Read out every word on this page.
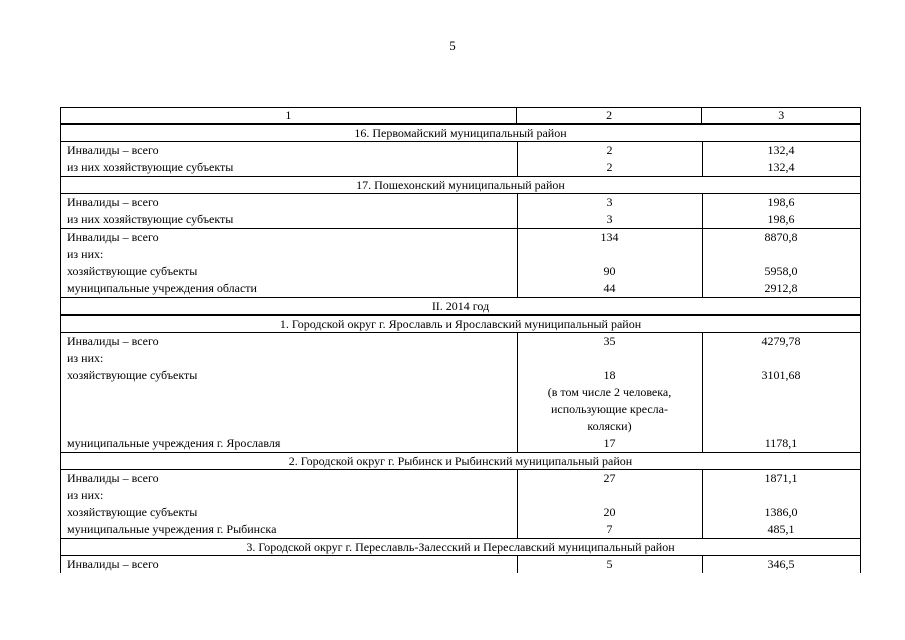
5
1	2	3
16. Первомайский муниципальный район
Инвалиды – всего	2	132,4
из них хозяйствующие субъекты	2	132,4
17. Пошехонский муниципальный район
Инвалиды – всего	3	198,6
из них хозяйствующие субъекты	3	198,6
Инвалиды – всего	134	8870,8
из них:
хозяйствующие субъекты	90	5958,0
муниципальные учреждения области	44	2912,8
II. 2014 год
1. Городской округ г. Ярославль и Ярославский муниципальный район
Инвалиды – всего	35	4279,78
из них:
хозяйствующие субъекты	18	3101,68
(в том числе 2 человека,
использующие кресла-
коляски)
муниципальные учреждения г. Ярославля	17	1178,1
2. Городской округ г. Рыбинск и Рыбинский муниципальный район
Инвалиды – всего	27	1871,1
из них:
хозяйствующие субъекты	20	1386,0
муниципальные учреждения г. Рыбинска	7	485,1
3. Городской округ г. Переславль-Залесский и Переславский муниципальный район
Инвалиды – всего	5	346,5
